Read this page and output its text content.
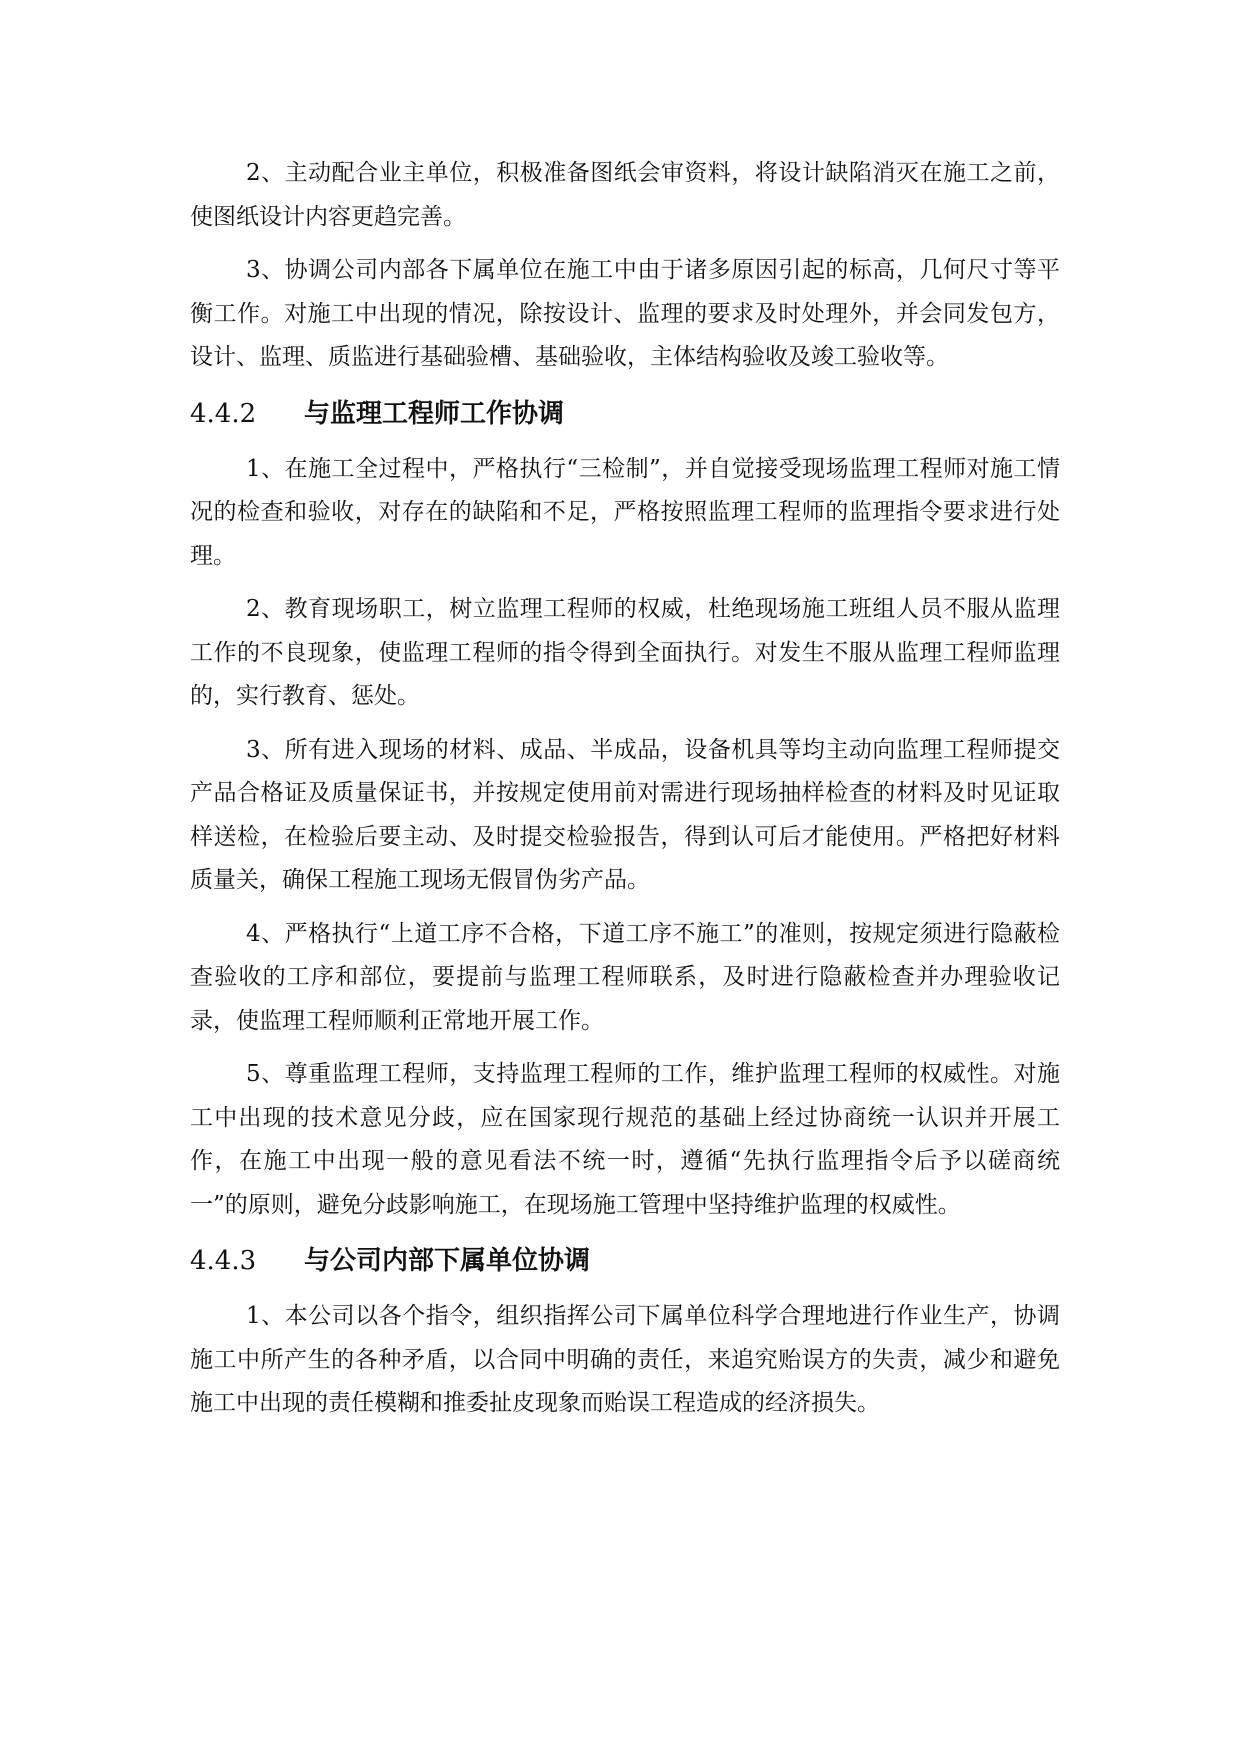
2、主动配合业主单位，积极准备图纸会审资料，将设计缺陷消灭在施工之前，使图纸设计内容更趋完善。

3、协调公司内部各下属单位在施工中由于诸多原因引起的标高，几何尺寸等平衡工作。对施工中出现的情况，除按设计、监理的要求及时处理外，并会同发包方，设计、监理、质监进行基础验槽、基础验收，主体结构验收及竣工验收等。

4.4.2 与监理工程师工作协调

1、在施工全过程中，严格执行“三检制”，并自觉接受现场监理工程师对施工情况的检查和验收，对存在的缺陷和不足，严格按照监理工程师的监理指令要求进行处理。

2、教育现场职工，树立监理工程师的权威，杜绝现场施工班组人员不服从监理工作的不良现象，使监理工程师的指令得到全面执行。对发生不服从监理工程师监理的，实行教育、惩处。

3、所有进入现场的材料、成品、半成品，设备机具等均主动向监理工程师提交产品合格证及质量保证书，并按规定使用前对需进行现场抽样检查的材料及时见证取样送检，在检验后要主动、及时提交检验报告，得到认可后才能使用。严格把好材料质量关，确保工程施工现场无假冒伪劣产品。

4、严格执行“上道工序不合格，下道工序不施工”的准则，按规定须进行隐蔽检查验收的工序和部位，要提前与监理工程师联系，及时进行隐蔽检查并办理验收记录，使监理工程师顺利正常地开展工作。

5、尊重监理工程师，支持监理工程师的工作，维护监理工程师的权威性。对施工中出现的技术意见分歧，应在国家现行规范的基础上经过协商统一认识并开展工作，在施工中出现一般的意见看法不统一时，遵循“先执行监理指令后予以磋商统一”的原则，避免分歧影响施工，在现场施工管理中坚持维护监理的权威性。

4.4.3 与公司内部下属单位协调

1、本公司以各个指令，组织指挥公司下属单位科学合理地进行作业生产，协调施工中所产生的各种矛盾，以合同中明确的责任，来追究贻误方的失责，减少和避免施工中出现的责任模糊和推委扯皮现象而贻误工程造成的经济损失。
